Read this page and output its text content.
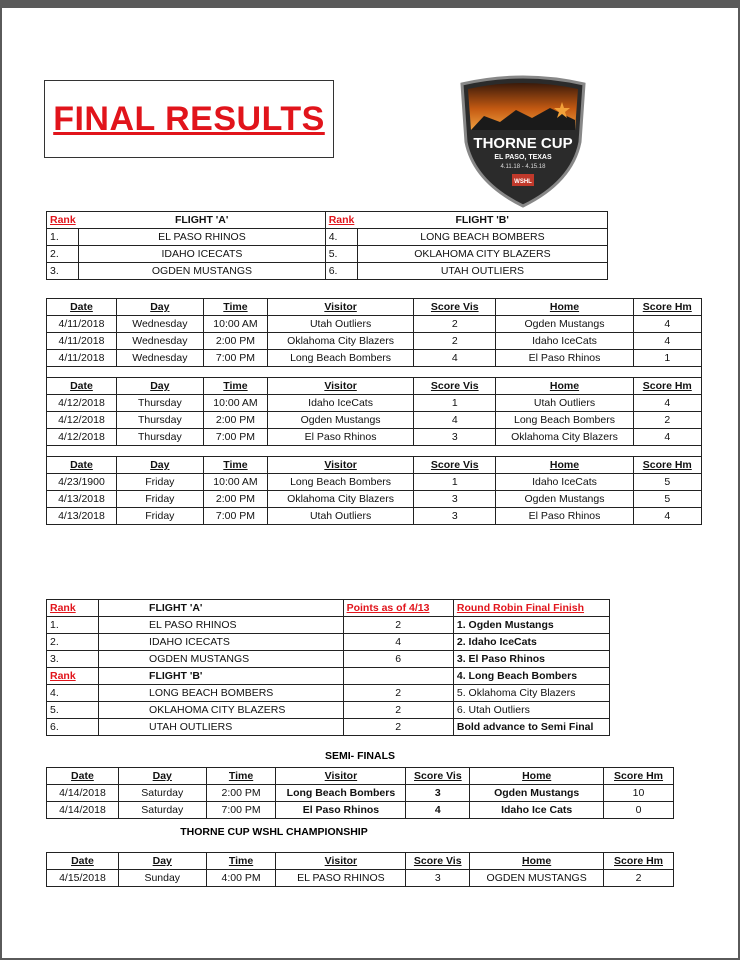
FINAL RESULTS
THORNE CUP
EL PASO, TEXAS
4.11.18 - 4.15.18
WSHL
Rank	FLIGHT 'A'	Rank	FLIGHT 'B'
1.	EL PASO RHINOS	4.	LONG BEACH BOMBERS
2.	IDAHO ICECATS	5.	OKLAHOMA CITY BLAZERS
3.	OGDEN MUSTANGS	6.	UTAH OUTLIERS
Date	Day	Time	Visitor	Score Vis	Home	Score Hm
4/11/2018	Wednesday	10:00 AM	Utah Outliers	2	Ogden Mustangs	4
4/11/2018	Wednesday	2:00 PM	Oklahoma City Blazers	2	Idaho IceCats	4
4/11/2018	Wednesday	7:00 PM	Long Beach Bombers	4	El Paso Rhinos	1

Date	Day	Time	Visitor	Score Vis	Home	Score Hm
4/12/2018	Thursday	10:00 AM	Idaho IceCats	1	Utah Outliers	4
4/12/2018	Thursday	2:00 PM	Ogden Mustangs	4	Long Beach Bombers	2
4/12/2018	Thursday	7:00 PM	El Paso Rhinos	3	Oklahoma City Blazers	4

Date	Day	Time	Visitor	Score Vis	Home	Score Hm
4/23/1900	Friday	10:00 AM	Long Beach Bombers	1	Idaho IceCats	5
4/13/2018	Friday	2:00 PM	Oklahoma City Blazers	3	Ogden Mustangs	5
4/13/2018	Friday	7:00 PM	Utah Outliers	3	El Paso Rhinos	4
Rank	FLIGHT 'A'	Points as of 4/13	Round Robin Final Finish
1.	EL PASO RHINOS	2	1. Ogden Mustangs
2.	IDAHO ICECATS	4	2. Idaho IceCats
3.	OGDEN MUSTANGS	6	3. El Paso Rhinos
Rank	FLIGHT 'B'		4. Long Beach Bombers
4.	LONG BEACH BOMBERS	2	5. Oklahoma City Blazers
5.	OKLAHOMA CITY BLAZERS	2	6. Utah Outliers
6.	UTAH OUTLIERS	2	Bold advance to Semi Final
SEMI- FINALS
Date	Day	Time	Visitor	Score Vis	Home	Score Hm
4/14/2018	Saturday	2:00 PM	Long Beach Bombers	3	Ogden Mustangs	10
4/14/2018	Saturday	7:00 PM	El Paso Rhinos	4	Idaho Ice Cats	0
THORNE CUP WSHL CHAMPIONSHIP
Date	Day	Time	Visitor	Score Vis	Home	Score Hm
4/15/2018	Sunday	4:00 PM	EL PASO RHINOS	3	OGDEN MUSTANGS	2
